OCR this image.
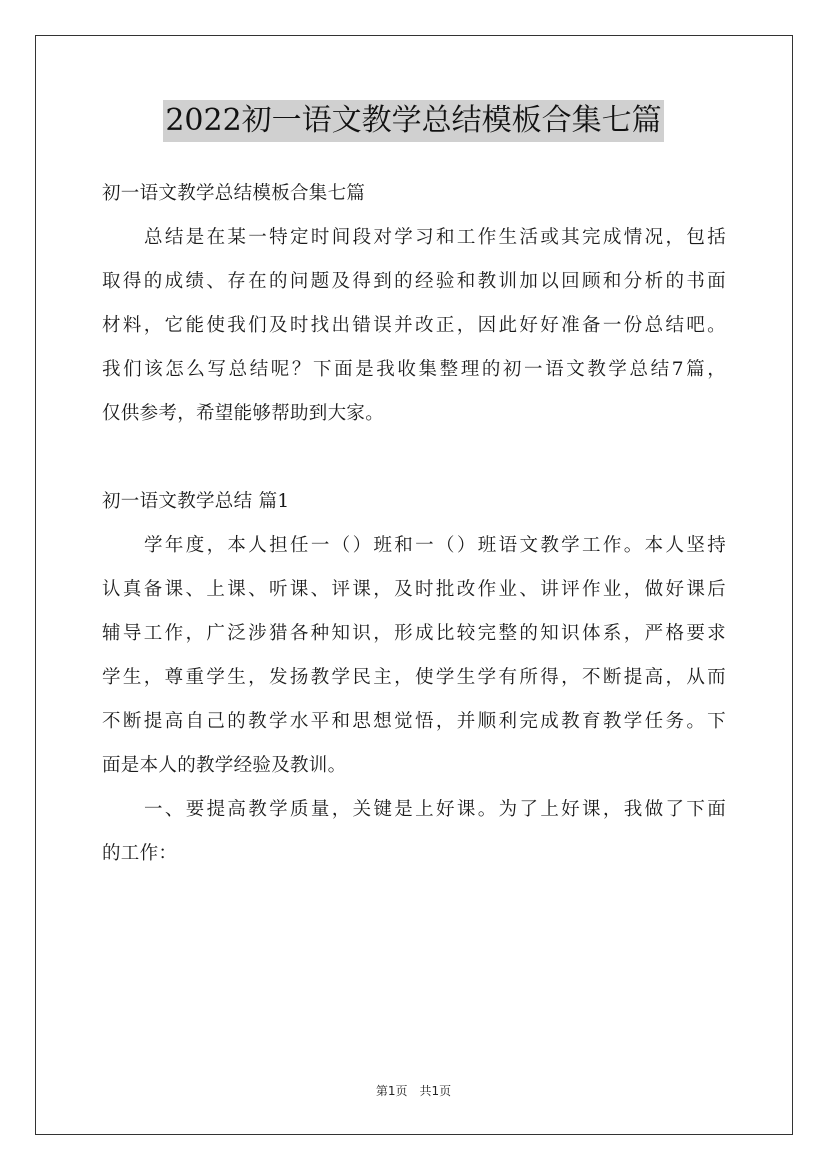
2022初一语文教学总结模板合集七篇
初一语文教学总结模板合集七篇
总结是在某一特定时间段对学习和工作生活或其完成情况，包括
取得的成绩、存在的问题及得到的经验和教训加以回顾和分析的书面
材料，它能使我们及时找出错误并改正，因此好好准备一份总结吧。
我们该怎么写总结呢？下面是我收集整理的初一语文教学总结7篇，
仅供参考，希望能够帮助到大家。
初一语文教学总结 篇1
学年度，本人担任一（）班和一（）班语文教学工作。本人坚持
认真备课、上课、听课、评课，及时批改作业、讲评作业，做好课后
辅导工作，广泛涉猎各种知识，形成比较完整的知识体系，严格要求
学生，尊重学生，发扬教学民主，使学生学有所得，不断提高，从而
不断提高自己的教学水平和思想觉悟，并顺利完成教育教学任务。下
面是本人的教学经验及教训。
一、要提高教学质量，关键是上好课。为了上好课，我做了下面
的工作：
第1页 共1页
